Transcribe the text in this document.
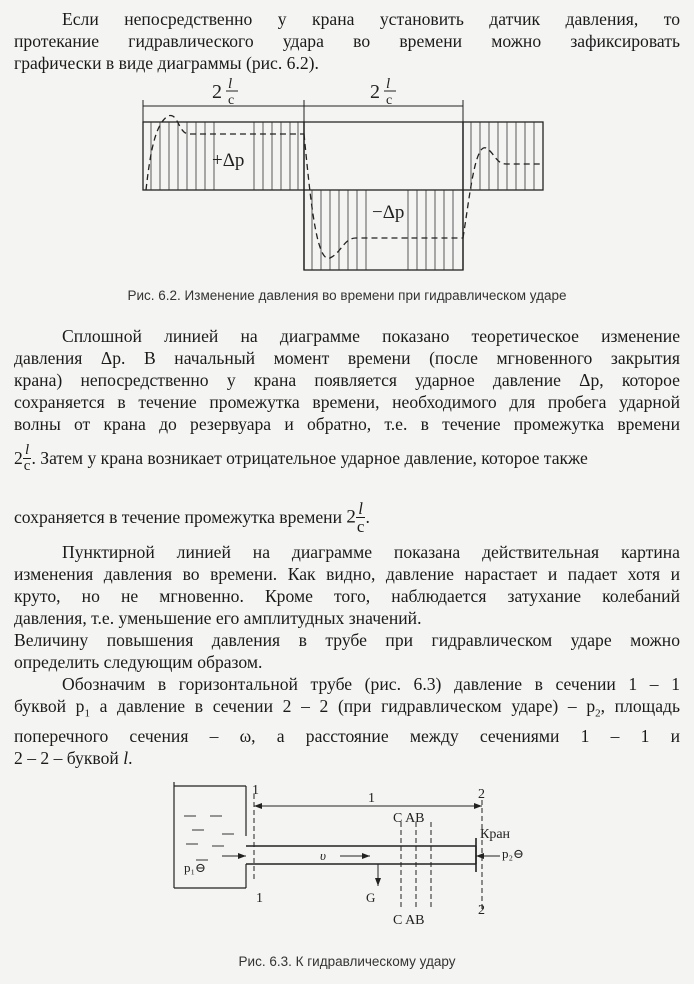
Если непосредственно у крана установить датчик давления, то
протекание гидравлического удара во времени можно зафиксировать
графически в виде диаграммы (рис. 6.2).
2 l
c	2 l
c
+Δp
−Δp
Рис. 6.2. Изменение давления во времени при гидравлическом ударе
Сплошной линией на диаграмме показано теоретическое изменение
давления Δp. В начальный момент времени (после мгновенного закрытия
крана) непосредственно у крана появляется ударное давление Δp, которое
сохраняется в течение промежутка времени, необходимого для пробега ударной
волны от крана до резервуара и обратно, т.е. в течение промежутка времени
$2 \frac{l}{c}$ . Затем у крана возникает отрицательное ударное давление, которое также
сохраняется в течение промежутка времени $2 \frac{l}{c}$ .
Пунктирной линией на диаграмме показана действительная картина
изменения давления во времени. Как видно, давление нарастает и падает хотя и
круто, но не мгновенно. Кроме того, наблюдается затухание колебаний
давления, т.е. уменьшение его амплитудных значений.
Величину повышения давления в трубе при гидравлическом ударе можно
определить следующим образом.
Обозначим в горизонтальной трубе (рис. 6.3) давление в сечении 1 – 1
буквой $p_1$ а давление в сечении 2 – 2 (при гидравлическом ударе) – $p_2$, площадь
поперечного сечения – ω, а расстояние между сечениями 1 – 1 и
2 – 2 – буквой l.
1
1
2
2
1
C AB
C AB
Кран
p₁⊖
p₂⊖
υ
G
Рис. 6.3. К гидравлическому удару
